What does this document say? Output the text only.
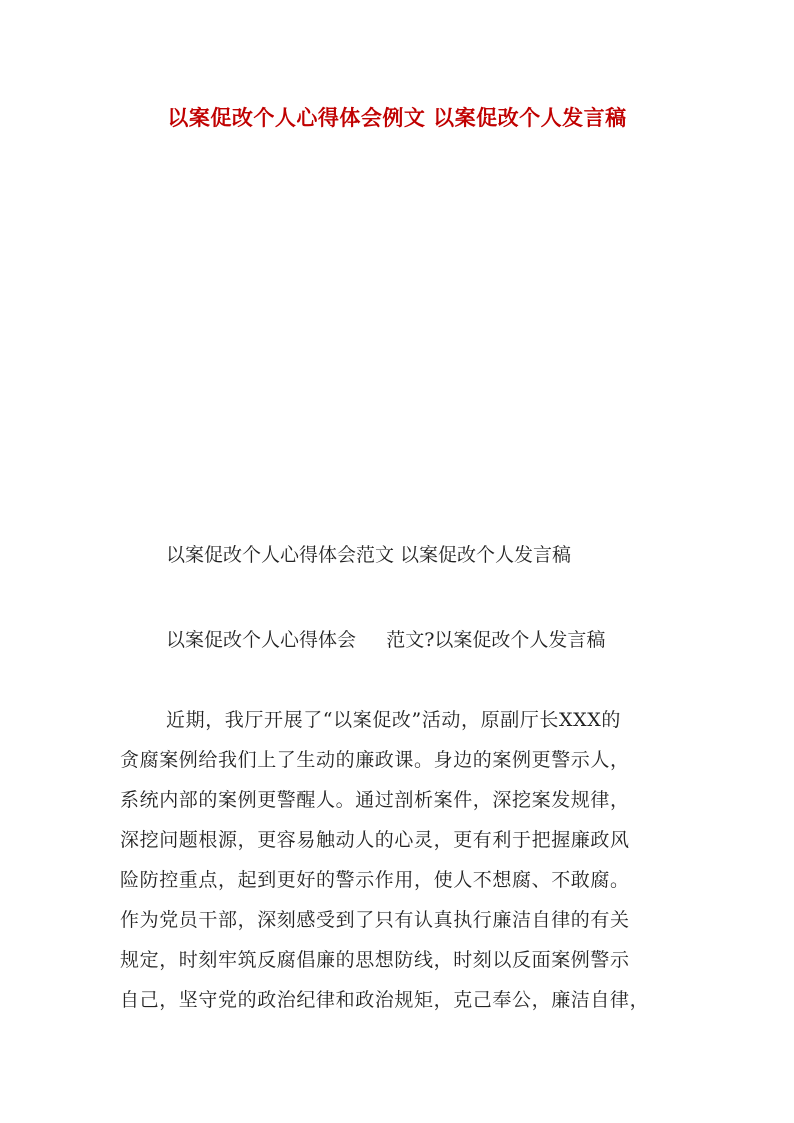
以案促改个人心得体会例文 以案促改个人发言稿
以案促改个人心得体会范文 以案促改个人发言稿
以案促改个人心得体会     范文?以案促改个人发言稿
近期，我厅开展了“以案促改”活动，原副厅长XXX的
贪腐案例给我们上了生动的廉政课。身边的案例更警示人，
系统内部的案例更警醒人。通过剖析案件，深挖案发规律，
深挖问题根源，更容易触动人的心灵，更有利于把握廉政风
险防控重点，起到更好的警示作用，使人不想腐、不敢腐。
作为党员干部，深刻感受到了只有认真执行廉洁自律的有关
规定，时刻牢筑反腐倡廉的思想防线，时刻以反面案例警示
自己，坚守党的政治纪律和政治规矩，克己奉公，廉洁自律，
